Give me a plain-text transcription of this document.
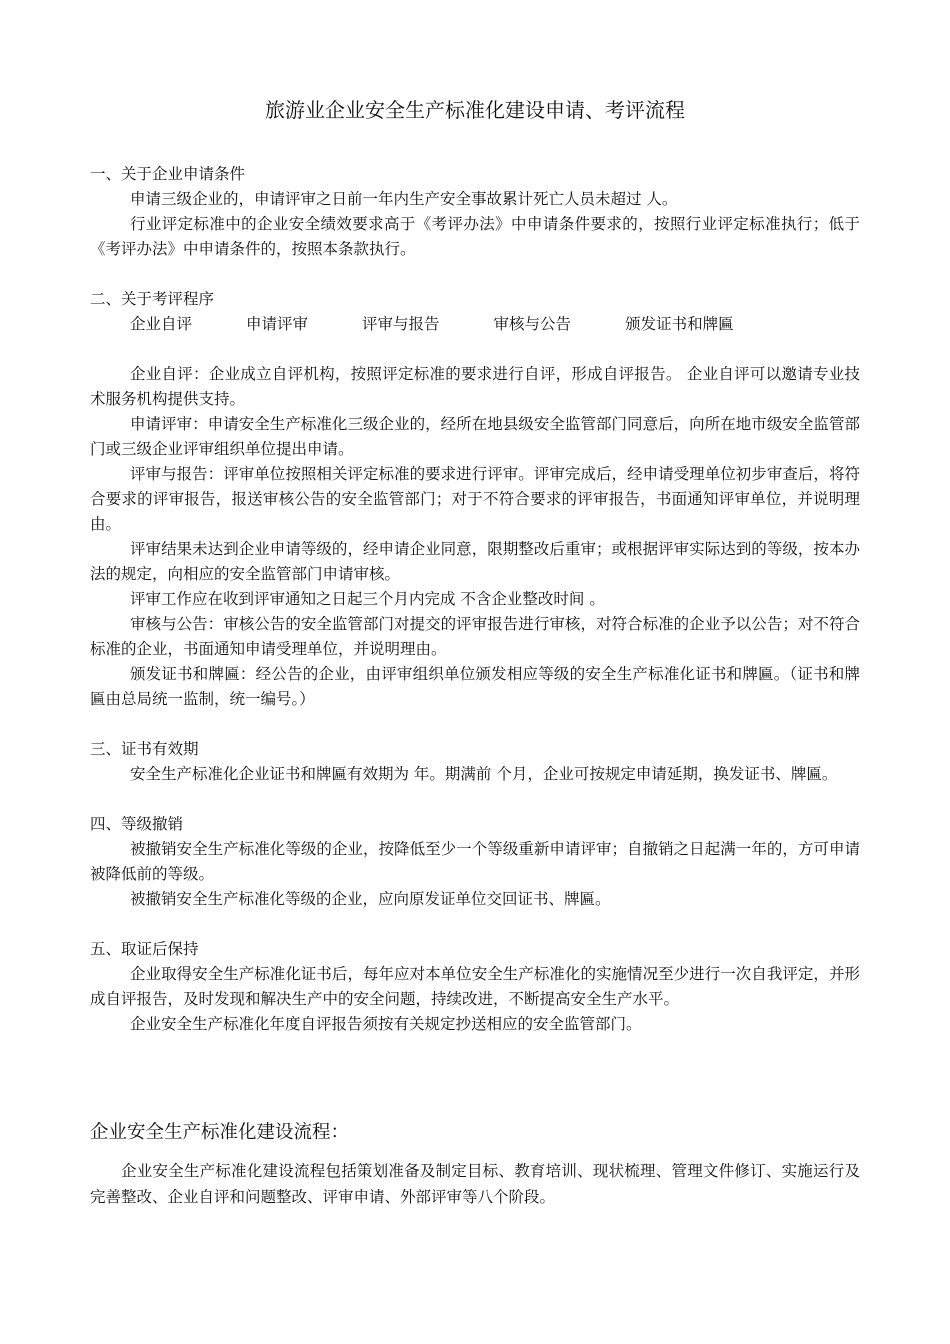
旅游业企业安全生产标准化建设申请、考评流程

一、关于企业申请条件

申请三级企业的，申请评审之日前一年内生产安全事故累计死亡人员未超过 人。

行业评定标准中的企业安全绩效要求高于《考评办法》中申请条件要求的，按照行业评定标准执行；低于《考评办法》中申请条件的，按照本条款执行。

二、关于考评程序

企业自评	申请评审	评审与报告	审核与公告	颁发证书和牌匾

企业自评：企业成立自评机构，按照评定标准的要求进行自评，形成自评报告。 企业自评可以邀请专业技术服务机构提供支持。

申请评审：申请安全生产标准化三级企业的，经所在地县级安全监管部门同意后，向所在地市级安全监管部门或三级企业评审组织单位提出申请。

评审与报告：评审单位按照相关评定标准的要求进行评审。评审完成后，经申请受理单位初步审查后，将符合要求的评审报告，报送审核公告的安全监管部门；对于不符合要求的评审报告，书面通知评审单位，并说明理由。

评审结果未达到企业申请等级的，经申请企业同意，限期整改后重审；或根据评审实际达到的等级，按本办法的规定，向相应的安全监管部门申请审核。

评审工作应在收到评审通知之日起三个月内完成 不含企业整改时间 。

审核与公告：审核公告的安全监管部门对提交的评审报告进行审核，对符合标准的企业予以公告；对不符合标准的企业，书面通知申请受理单位，并说明理由。

颁发证书和牌匾：经公告的企业，由评审组织单位颁发相应等级的安全生产标准化证书和牌匾。（证书和牌匾由总局统一监制，统一编号。）

三、证书有效期

安全生产标准化企业证书和牌匾有效期为 年。期满前 个月，企业可按规定申请延期，换发证书、牌匾。

四、等级撤销

被撤销安全生产标准化等级的企业，按降低至少一个等级重新申请评审；自撤销之日起满一年的，方可申请被降低前的等级。

被撤销安全生产标准化等级的企业，应向原发证单位交回证书、牌匾。

五、取证后保持

企业取得安全生产标准化证书后，每年应对本单位安全生产标准化的实施情况至少进行一次自我评定，并形成自评报告，及时发现和解决生产中的安全问题，持续改进，不断提高安全生产水平。

企业安全生产标准化年度自评报告须按有关规定抄送相应的安全监管部门。

企业安全生产标准化建设流程：

企业安全生产标准化建设流程包括策划准备及制定目标、教育培训、现状梳理、管理文件修订、实施运行及完善整改、企业自评和问题整改、评审申请、外部评审等八个阶段。
